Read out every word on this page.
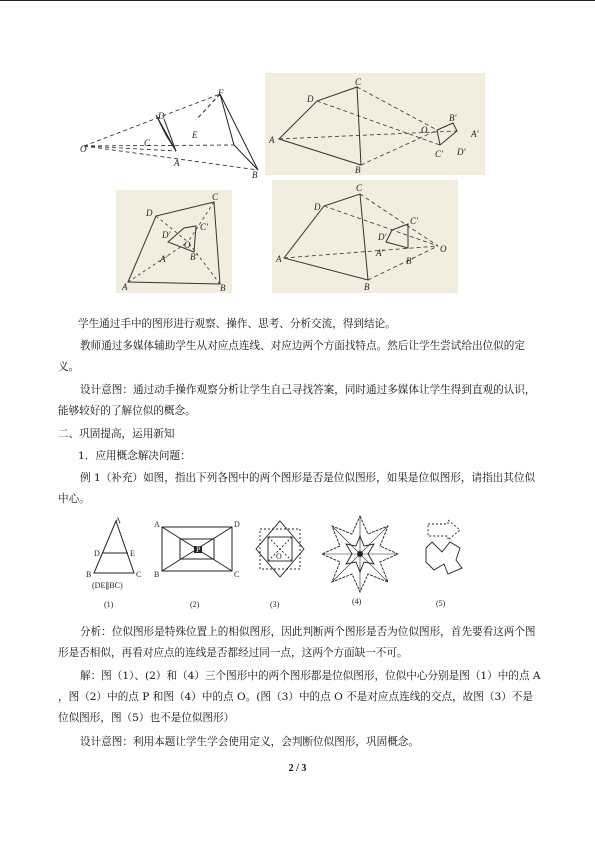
O
C
A
E
F
D
B
D
C
A
B
O
B'
A'
C' D'
D
C
D'
C'
O
A'	B'
A	B
D
C
C'
D'
O
A
A'
B'
B

学生通过手中的图形进行观察、操作、思考、分析交流，得到结论。

教师通过多媒体辅助学生从对应点连线、对应边两个方面找特点。然后让学生尝试给出位似的定义。

设计意图：通过动手操作观察分析让学生自己寻找答案，同时通过多媒体让学生得到直观的认识，能够较好的了解位似的概念。

二、巩固提高，运用新知

1．应用概念解决问题：

例 1（补充）如图，指出下列各图中的两个图形是否是位似图形，如果是位似图形，请指出其位似中心。

A
D	E
B	C
(DE∥BC)
(1)
A	D
P
B	C
(2)
O
(3)	(4)	(5)

分析：位似图形是特殊位置上的相似图形，因此判断两个图形是否为位似图形，首先要看这两个图形是否相似，再看对应点的连线是否都经过同一点，这两个方面缺一不可。

解：图（1）、(2）和（4）三个图形中的两个图形都是位似图形，位似中心分别是图（1）中的点 A ，图（2）中的点 P 和图（4）中的点 O。(图（3）中的点 O 不是对应点连线的交点，故图（3）不是位似图形，图（5）也不是位似图形）

设计意图：利用本题让学生学会使用定义，会判断位似图形，巩固概念。

2 / 3
